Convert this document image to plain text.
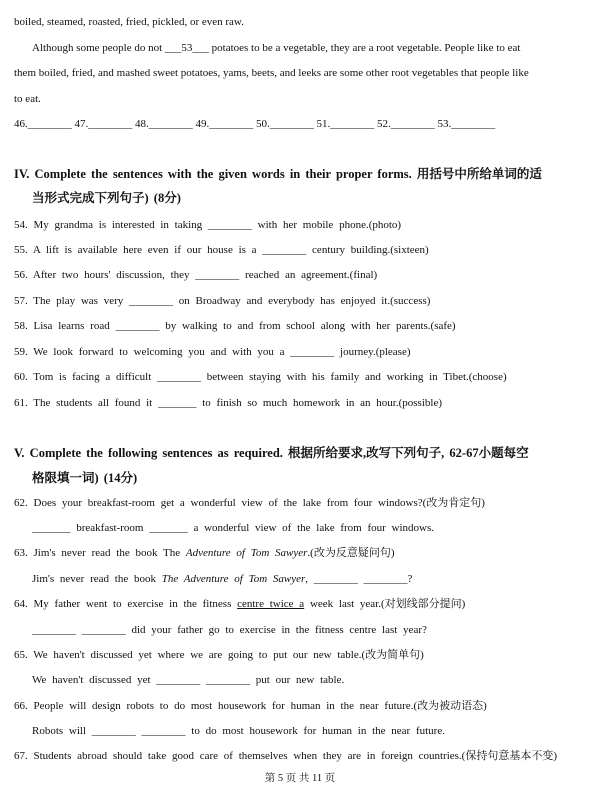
boiled, steamed, roasted, fried, pickled, or even raw.
Although some people do not ___53___ potatoes to be a vegetable, they are a root vegetable. People like to eat
them boiled, fried, and mashed sweet potatoes, yams, beets, and leeks are some other root vegetables that people like
to eat.
46.________ 47.________ 48.________ 49.________ 50.________ 51.________ 52.________ 53.________
IV. Complete the sentences with the given words in their proper forms. 用括号中所给单词的适
当形式完成下列句子) (8分)
54. My grandma is interested in taking ________ with her mobile phone.(photo)
55. A lift is available here even if our house is a ________ century building.(sixteen)
56. After two hours' discussion, they ________ reached an agreement.(final)
57. The play was very ________ on Broadway and everybody has enjoyed it.(success)
58. Lisa learns road ________ by walking to and from school along with her parents.(safe)
59. We look forward to welcoming you and with you a ________ journey.(please)
60. Tom is facing a difficult ________ between staying with his family and working in Tibet.(choose)
61. The students all found it _______ to finish so much homework in an hour.(possible)
V. Complete the following sentences as required. 根据所给要求,改写下列句子, 62-67小题每空
格限填一词) (14分)
62. Does your breakfast-room get a wonderful view of the lake from four windows?(改为肯定句)
_______ breakfast-room _______ a wonderful view of the lake from four windows.
63. Jim's never read the book The Adventure of Tom Sawyer.(改为反意疑问句)
Jim's never read the book The Adventure of Tom Sawyer, ________ ________?
64. My father went to exercise in the fitness centre twice a week last year.(对划线部分提问)
________ ________ did your father go to exercise in the fitness centre last year?
65. We haven't discussed yet where we are going to put our new table.(改为简单句)
We haven't discussed yet ________ ________ put our new table.
66. People will design robots to do most housework for human in the near future.(改为被动语态)
Robots will ________ ________ to do most housework for human in the near future.
67. Students abroad should take good care of themselves when they are in foreign countries.(保持句意基本不变)
第 5 页 共 11 页
